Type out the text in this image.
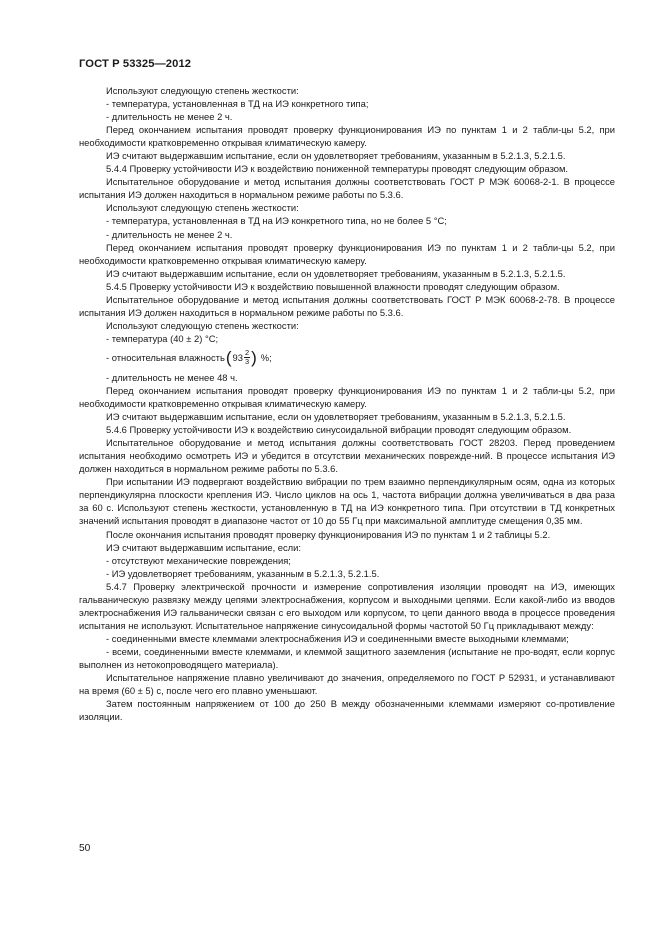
ГОСТ Р 53325—2012

Используют следующую степень жесткости:

- температура, установленная в ТД на ИЭ конкретного типа;

- длительность не менее 2 ч.

Перед окончанием испытания проводят проверку функционирования ИЭ по пунктам 1 и 2 табли-цы 5.2, при необходимости кратковременно открывая климатическую камеру.

ИЭ считают выдержавшим испытание, если он удовлетворяет требованиям, указанным в 5.2.1.3, 5.2.1.5.

5.4.4 Проверку устойчивости ИЭ к воздействию пониженной температуры проводят следующим образом.

Испытательное оборудование и метод испытания должны соответствовать ГОСТ Р МЭК 60068-2-1. В процессе испытания ИЭ должен находиться в нормальном режиме работы по 5.3.6.

Используют следующую степень жесткости:

- температура, установленная в ТД на ИЭ конкретного типа, но не более 5 °С;

- длительность не менее 2 ч.

Перед окончанием испытания проводят проверку функционирования ИЭ по пунктам 1 и 2 табли-цы 5.2, при необходимости кратковременно открывая климатическую камеру.

ИЭ считают выдержавшим испытание, если он удовлетворяет требованиям, указанным в 5.2.1.3, 5.2.1.5.

5.4.5 Проверку устойчивости ИЭ к воздействию повышенной влажности проводят следующим образом.

Испытательное оборудование и метод испытания должны соответствовать ГОСТ Р МЭК 60068-2-78. В процессе испытания ИЭ должен находиться в нормальном режиме работы по 5.3.6.

Используют следующую степень жесткости:

- температура (40 ± 2) °С;

- относительная влажность ( $93 \frac{2}{3}$ ) %;

- длительность не менее 48 ч.

Перед окончанием испытания проводят проверку функционирования ИЭ по пунктам 1 и 2 табли-цы 5.2, при необходимости кратковременно открывая климатическую камеру.

ИЭ считают выдержавшим испытание, если он удовлетворяет требованиям, указанным в 5.2.1.3, 5.2.1.5.

5.4.6 Проверку устойчивости ИЭ к воздействию синусоидальной вибрации проводят следующим образом.

Испытательное оборудование и метод испытания должны соответствовать ГОСТ 28203. Перед проведением испытания необходимо осмотреть ИЭ и убедится в отсутствии механических поврежде-ний. В процессе испытания ИЭ должен находиться в нормальном режиме работы по 5.3.6.

При испытании ИЭ подвергают воздействию вибрации по трем взаимно перпендикулярным осям, одна из которых перпендикулярна плоскости крепления ИЭ. Число циклов на ось 1, частота вибрации должна увеличиваться в два раза за 60 с. Используют степень жесткости, установленную в ТД на ИЭ конкретного типа. При отсутствии в ТД конкретных значений испытания проводят в диапазоне частот от 10 до 55 Гц при максимальной амплитуде смещения 0,35 мм.

После окончания испытания проводят проверку функционирования ИЭ по пунктам 1 и 2 таблицы 5.2.

ИЭ считают выдержавшим испытание, если:

- отсутствуют механические повреждения;

- ИЭ удовлетворяет требованиям, указанным в 5.2.1.3, 5.2.1.5.

5.4.7 Проверку электрической прочности и измерение сопротивления изоляции проводят на ИЭ, имеющих гальваническую развязку между цепями электроснабжения, корпусом и выходными цепями. Если какой-либо из вводов электроснабжения ИЭ гальванически связан с его выходом или корпусом, то цепи данного ввода в процессе проведения испытания не используют. Испытательное напряжение синусоидальной формы частотой 50 Гц прикладывают между:

- соединенными вместе клеммами электроснабжения ИЭ и соединенными вместе выходными клеммами;

- всеми, соединенными вместе клеммами, и клеммой защитного заземления (испытание не про-водят, если корпус выполнен из нетокопроводящего материала).

Испытательное напряжение плавно увеличивают до значения, определяемого по ГОСТ Р 52931, и устанавливают на время (60 ± 5) с, после чего его плавно уменьшают.

Затем постоянным напряжением от 100 до 250 В между обозначенными клеммами измеряют со-противление изоляции.

50
